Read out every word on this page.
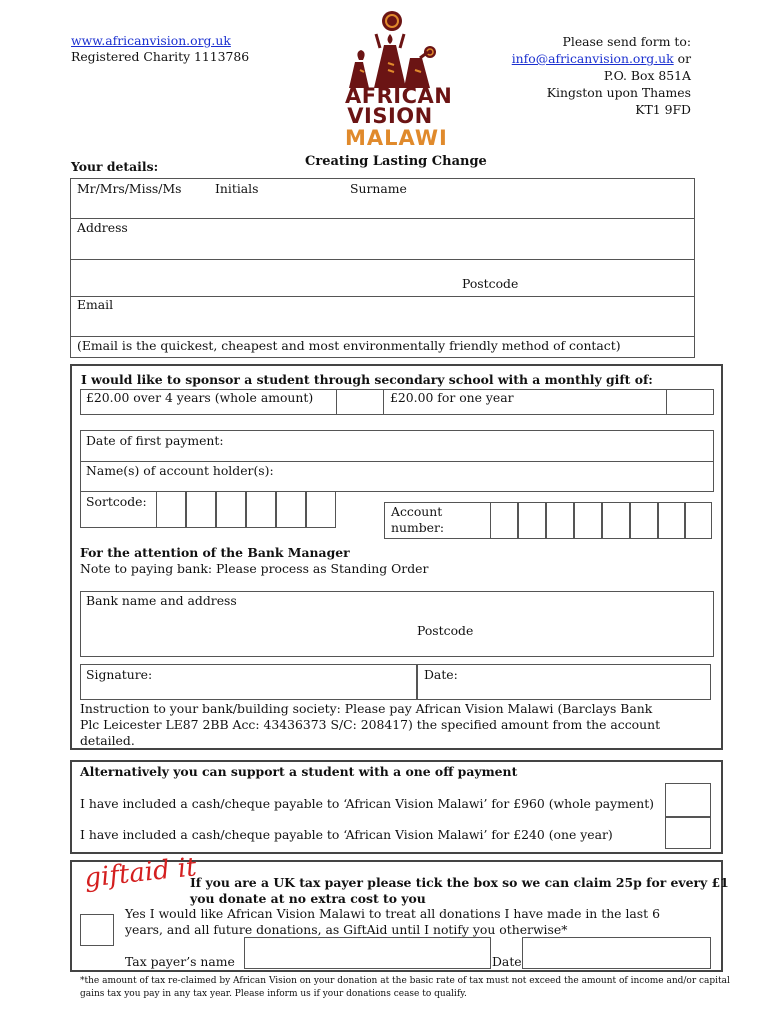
www.africanvision.org.uk
Registered Charity 1113786
Please send form to:
info@africanvision.org.uk or
P.O. Box 851A
Kingston upon Thames
KT1 9FD
AFRICAN
VISION
MALAWI
Creating Lasting Change
Your details:
Mr/Mrs/Miss/Ms	Initials	Surname
Address
Postcode
Email
(Email is the quickest, cheapest and most environmentally friendly method of contact)
I would like to sponsor a student through secondary school with a monthly gift of:
£20.00 over 4 years (whole amount)	£20.00 for one year
Date of first payment:
Name(s) of account holder(s):
Sortcode:
Account
number:
For the attention of the Bank Manager
Note to paying bank: Please process as Standing Order
Bank name and address
Postcode
Signature:	Date:
Instruction to your bank/building society: Please pay African Vision Malawi (Barclays Bank
Plc Leicester LE87 2BB Acc: 43436373 S/C: 208417) the specified amount from the account
detailed.
Alternatively you can support a student with a one off payment
I have included a cash/cheque payable to ‘African Vision Malawi’ for £960 (whole payment)
I have included a cash/cheque payable to ‘African Vision Malawi’ for £240 (one year)
giftaid it
If you are a UK tax payer please tick the box so we can claim 25p for every £1
you donate at no extra cost to you
Yes I would like African Vision Malawi to treat all donations I have made in the last 6
years, and all future donations, as GiftAid until I notify you otherwise*
Tax payer’s name	Date
*the amount of tax re-claimed by African Vision on your donation at the basic rate of tax must not exceed the amount of income and/or capital
gains tax you pay in any tax year. Please inform us if your donations cease to qualify.
